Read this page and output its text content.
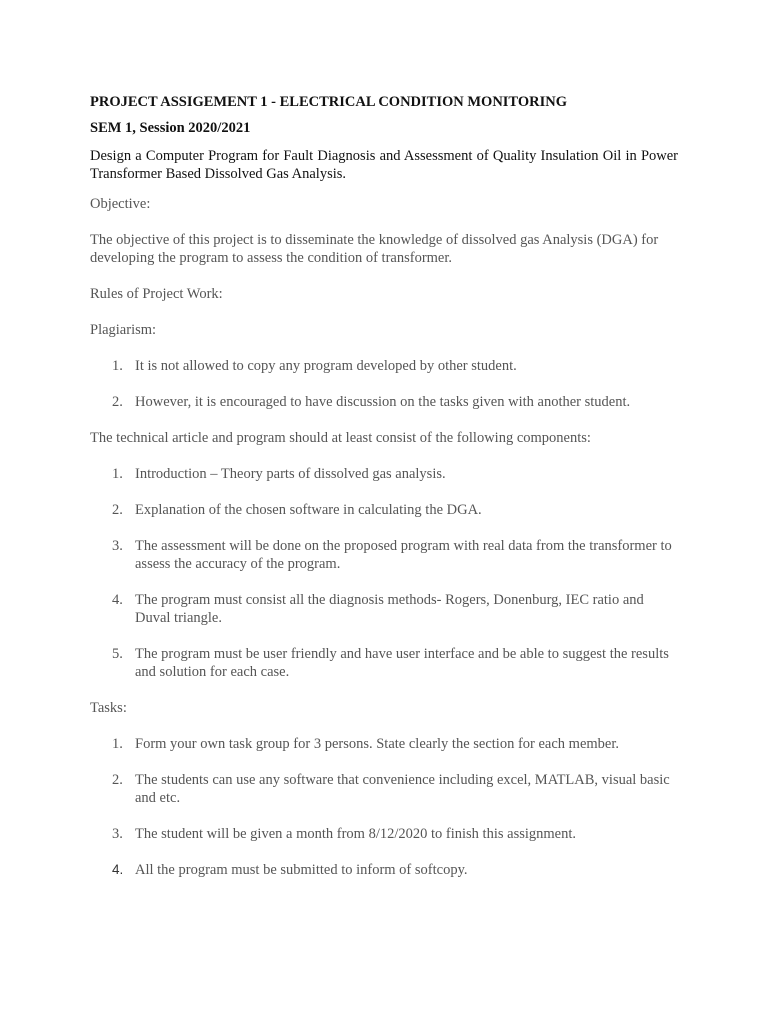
PROJECT ASSIGEMENT 1 - ELECTRICAL CONDITION MONITORING

SEM 1, Session 2020/2021

Design a Computer Program for Fault Diagnosis and Assessment of Quality Insulation Oil in Power Transformer Based Dissolved Gas Analysis.

Objective:

The objective of this project is to disseminate the knowledge of dissolved gas Analysis (DGA) for developing the program to assess the condition of transformer.

Rules of Project Work:

Plagiarism:

1. It is not allowed to copy any program developed by other student.
2. However, it is encouraged to have discussion on the tasks given with another student.

The technical article and program should at least consist of the following components:

1. Introduction – Theory parts of dissolved gas analysis.
2. Explanation of the chosen software in calculating the DGA.
3. The assessment will be done on the proposed program with real data from the transformer to assess the accuracy of the program.
4. The program must consist all the diagnosis methods- Rogers, Donenburg, IEC ratio and Duval triangle.
5. The program must be user friendly and have user interface and be able to suggest the results and solution for each case.

Tasks:

1. Form your own task group for 3 persons. State clearly the section for each member.
2. The students can use any software that convenience including excel, MATLAB, visual basic and etc.
3. The student will be given a month from 8/12/2020 to finish this assignment.
4. All the program must be submitted to inform of softcopy.
